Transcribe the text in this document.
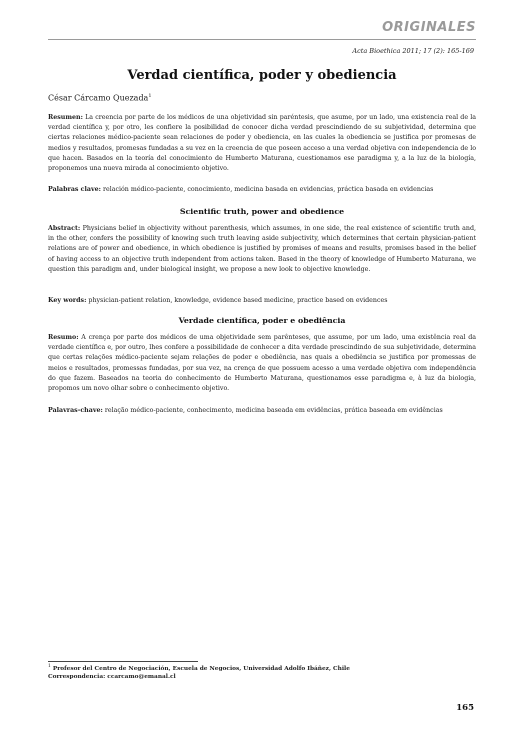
ORIGINALES
Acta Bioethica 2011; 17 (2): 165-169
Verdad científica, poder y obediencia
César Cárcamo Quezada$^1$
Resumen: La creencia por parte de los médicos de una objetividad sin paréntesis, que asume, por un lado, una existencia real de la verdad científica y, por otro, les confiere la posibilidad de conocer dicha verdad prescindiendo de su subjetividad, determina que ciertas relaciones médico-paciente sean relaciones de poder y obediencia, en las cuales la obediencia se justifica por promesas de medios y resultados, promesas fundadas a su vez en la creencia de que poseen acceso a una verdad objetiva con independencia de lo que hacen. Basados en la teoría del conocimiento de Humberto Maturana, cuestionamos ese paradigma y, a la luz de la biología, proponemos una nueva mirada al conocimiento objetivo.
Palabras clave: relación médico-paciente, conocimiento, medicina basada en evidencias, práctica basada en evidencias
Scientific truth, power and obedience
Abstract: Physicians belief in objectivity without parenthesis, which assumes, in one side, the real existence of scientific truth and, in the other, confers the possibility of knowing such truth leaving aside subjectivity, which determines that certain physician-patient relations are of power and obedience, in which obedience is justified by promises of means and results, promises based in the belief of having access to an objective truth independent from actions taken. Based in the theory of knowledge of Humberto Maturana, we question this paradigm and, under biological insight, we propose a new look to objective knowledge.
Key words: physician-patient relation, knowledge, evidence based medicine, practice based on evidences
Verdade científica, poder e obediência
Resumo: A crença por parte dos médicos de uma objetividade sem parênteses, que assume, por um lado, uma existência real da verdade científica e, por outro, lhes confere a possibilidade de conhecer a dita verdade prescindindo de sua subjetividade, determina que certas relações médico-paciente sejam relações de poder e obediência, nas quais a obediência se justifica por promessas de meios e resultados, promessas fundadas, por sua vez, na crença de que possuem acesso a uma verdade objetiva com independência do que fazem. Baseados na teoria do conhecimento de Humberto Maturana, questionamos esse paradigma e, à luz da biologia, propomos um novo olhar sobre o conhecimento objetivo.
Palavras-chave: relação médico-paciente, conhecimento, medicina baseada em evidências, prática baseada em evidências
$^1$ Profesor del Centro de Negociación, Escuela de Negocios, Universidad Adolfo Ibáñez, Chile
Correspondencia: ccarcamo@emanal.cl
165
